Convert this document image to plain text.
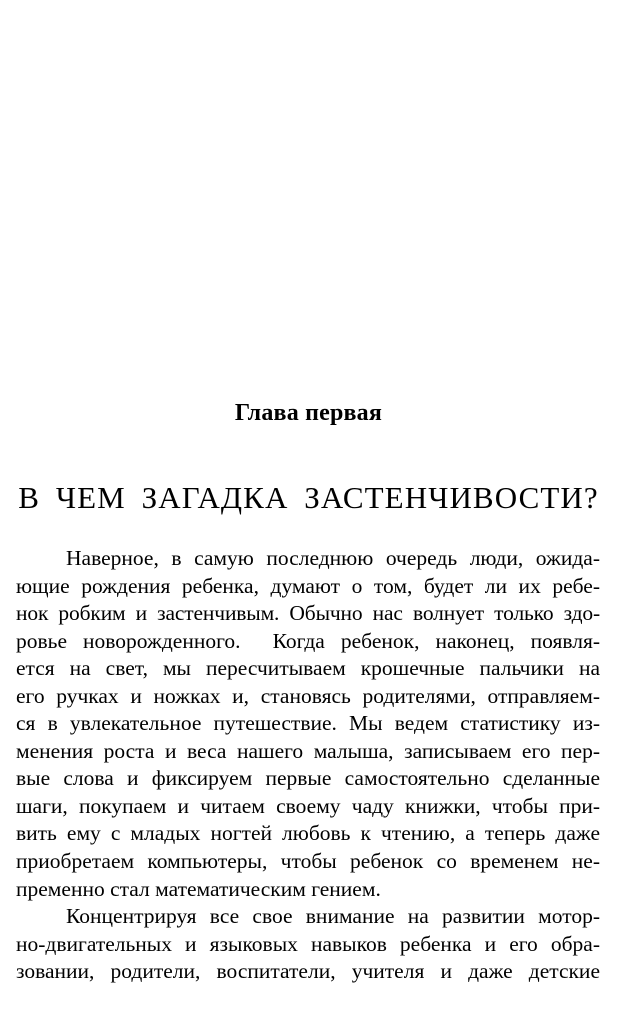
Глава первая
В ЧЕМ ЗАГАДКА ЗАСТЕНЧИВОСТИ?
Наверное, в самую последнюю очередь люди, ожида-
ющие рождения ребенка, думают о том, будет ли их ребе-
нок робким и застенчивым. Обычно нас волнует только здо-
ровье новорожденного.  Когда ребенок, наконец, появля-
ется на свет, мы пересчитываем крошечные пальчики на
его ручках и ножках и, становясь родителями, отправляем-
ся в увлекательное путешествие. Мы ведем статистику из-
менения роста и веса нашего малыша, записываем его пер-
вые слова и фиксируем первые самостоятельно сделанные
шаги, покупаем и читаем своему чаду книжки, чтобы при-
вить ему с младых ногтей любовь к чтению, а теперь даже
приобретаем компьютеры, чтобы ребенок со временем не-
пременно стал математическим гением.
Концентрируя все свое внимание на развитии мотор-
но-двигательных и языковых навыков ребенка и его обра-
зовании, родители, воспитатели, учителя и даже детские
